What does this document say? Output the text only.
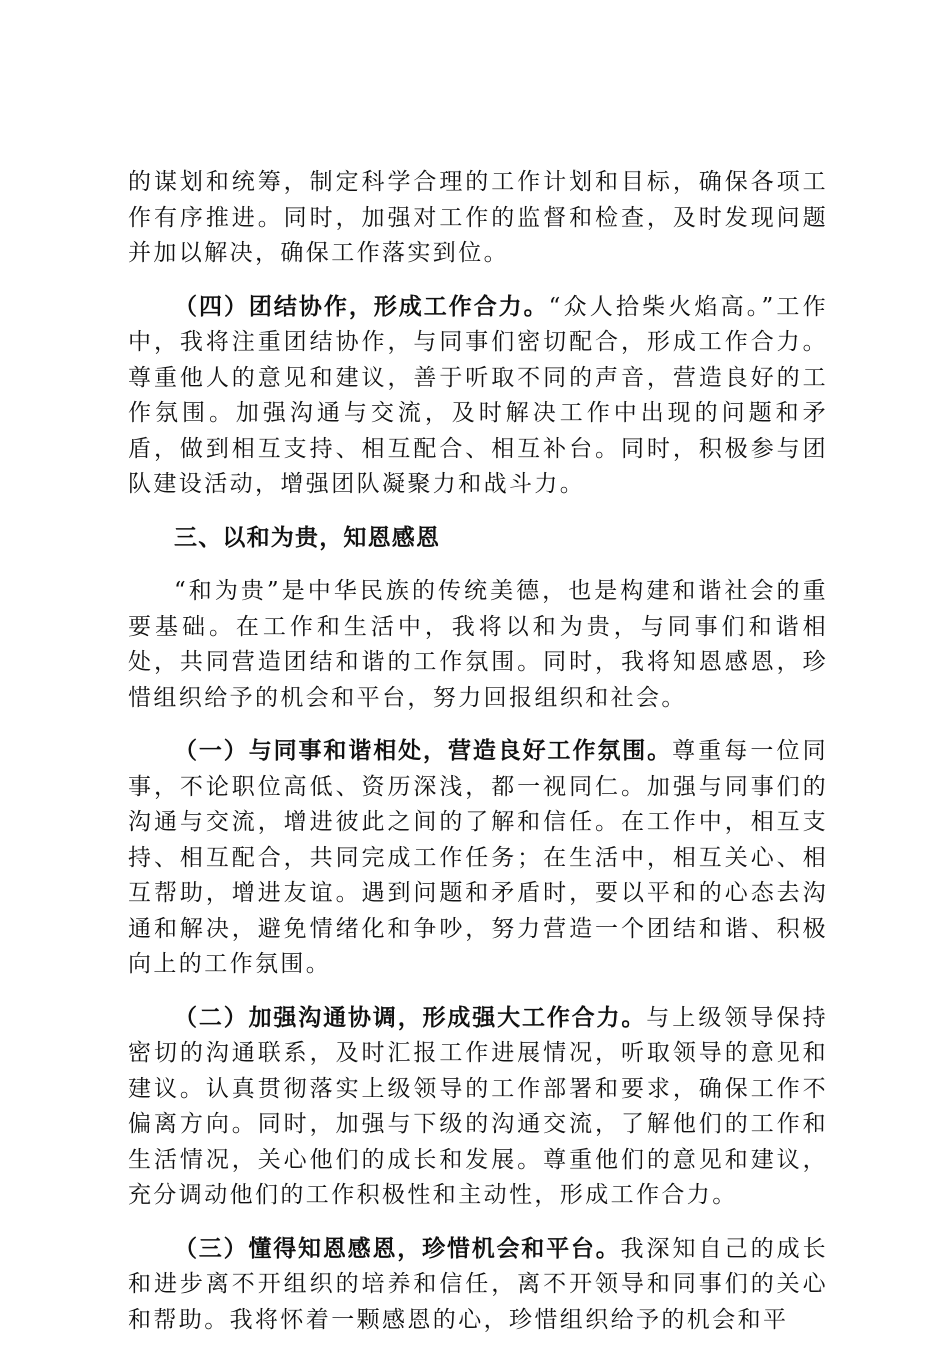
的谋划和统筹，制定科学合理的工作计划和目标，确保各项工作有序推进。同时，加强对工作的监督和检查，及时发现问题并加以解决，确保工作落实到位。

（四）团结协作，形成工作合力。“众人拾柴火焰高。”工作中，我将注重团结协作，与同事们密切配合，形成工作合力。尊重他人的意见和建议，善于听取不同的声音，营造良好的工作氛围。加强沟通与交流，及时解决工作中出现的问题和矛盾，做到相互支持、相互配合、相互补台。同时，积极参与团队建设活动，增强团队凝聚力和战斗力。

三、以和为贵，知恩感恩

“和为贵”是中华民族的传统美德，也是构建和谐社会的重要基础。在工作和生活中，我将以和为贵，与同事们和谐相处，共同营造团结和谐的工作氛围。同时，我将知恩感恩，珍惜组织给予的机会和平台，努力回报组织和社会。

（一）与同事和谐相处，营造良好工作氛围。尊重每一位同事，不论职位高低、资历深浅，都一视同仁。加强与同事们的沟通与交流，增进彼此之间的了解和信任。在工作中，相互支持、相互配合，共同完成工作任务；在生活中，相互关心、相互帮助，增进友谊。遇到问题和矛盾时，要以平和的心态去沟通和解决，避免情绪化和争吵，努力营造一个团结和谐、积极向上的工作氛围。

（二）加强沟通协调，形成强大工作合力。与上级领导保持密切的沟通联系，及时汇报工作进展情况，听取领导的意见和建议。认真贯彻落实上级领导的工作部署和要求，确保工作不偏离方向。同时，加强与下级的沟通交流，了解他们的工作和生活情况，关心他们的成长和发展。尊重他们的意见和建议，充分调动他们的工作积极性和主动性，形成工作合力。

（三）懂得知恩感恩，珍惜机会和平台。我深知自己的成长和进步离不开组织的培养和信任，离不开领导和同事们的关心和帮助。我将怀着一颗感恩的心，珍惜组织给予的机会和平
